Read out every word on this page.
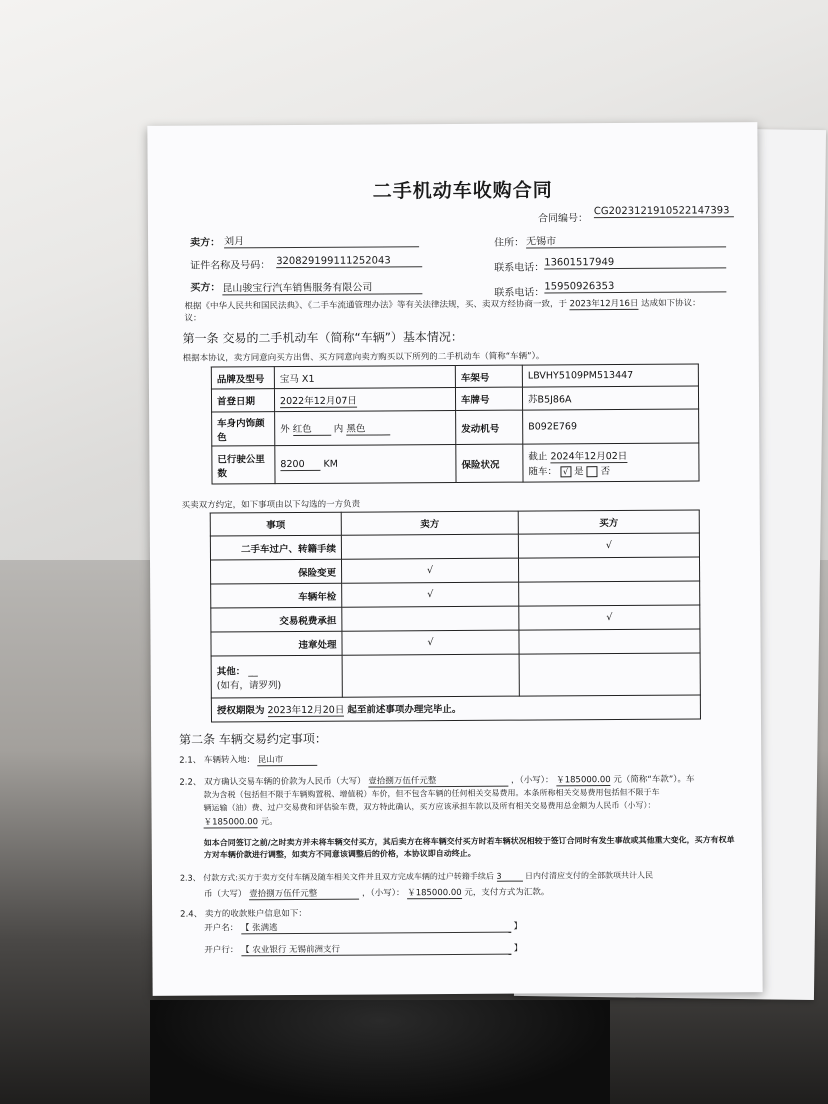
二手机动车收购合同
合同编号：
CG2023121910522147393
卖方： 刘月	住所： 无锡市
证件名称及号码： 320829199111252043
联系电话： 13601517949
买方： 昆山骏宝行汽车销售服务有限公司	联系电话：
15950926353
根据《中华人民共和国民法典》、《二手车流通管理办法》等有关法律法规，买、卖双方经协商一致，于 2023年12月16日 达成如下协议：
议：
第一条 交易的二手机动车（简称“车辆”）基本情况：
根据本协议，卖方同意向买方出售、买方同意向卖方购买以下所列的二手机动车（简称“车辆”）。
品牌及型号	宝马 X1	车架号	LBVHY5109PM513447
首登日期	2022年12月07日	车牌号	苏B5J86A
车身内饰颜色	外 红色 内 黑色	发动机号	B092E769
已行驶公里数	8200 KM	保险状况	截止 2024年12月02日
随车： √ 是 否
买卖双方约定，如下事项由以下勾选的一方负责
事项	卖方	买方
二手车过户、转籍手续		√
保险变更	√	
车辆年检	√	
交易税费承担		√
违章处理	√	

其他： __
(如有，请罗列)		

授权期限为 2023年12月20日 起至前述事项办理完毕止。		
第二条 车辆交易约定事项：
2.1、 车辆转入地： 昆山市
2.2、 双方确认交易车辆的价款为人民币（大写） 壹拾捌万伍仟元整	，（小写）： ￥185000.00 元（简称“车款”）。车
款为含税（包括但不限于车辆购置税、增值税）车价，但不包含车辆的任何相关交易费用。本条所称相关交易费用包括但不限于车
辆运输（油）费、过户交易费和评估验车费，双方特此确认，买方应该承担车款以及所有相关交易费用总金额为人民币（小写）：
￥185000.00 元。
如本合同签订之前/之时卖方并未将车辆交付买方，其后卖方在将车辆交付买方时若车辆状况相较于签订合同时有发生事故或其他重大变化，买方有权单方对车辆价款进行调整，如卖方不同意该调整后的价格，本协议即自动终止。
2.3、 付款方式:买方于卖方交付车辆及随车相关文件并且双方完成车辆的过户转籍手续后 3	日内付清应支付的全部款项共计人民
币（大写） 壹拾捌万伍仟元整	，（小写）： ￥185000.00 元，支付方式为汇款。
2.4、 卖方的收款账户信息如下：
开户名： 【 张满逃	】
开户行： 【 农业银行 无锡前洲支行	】
